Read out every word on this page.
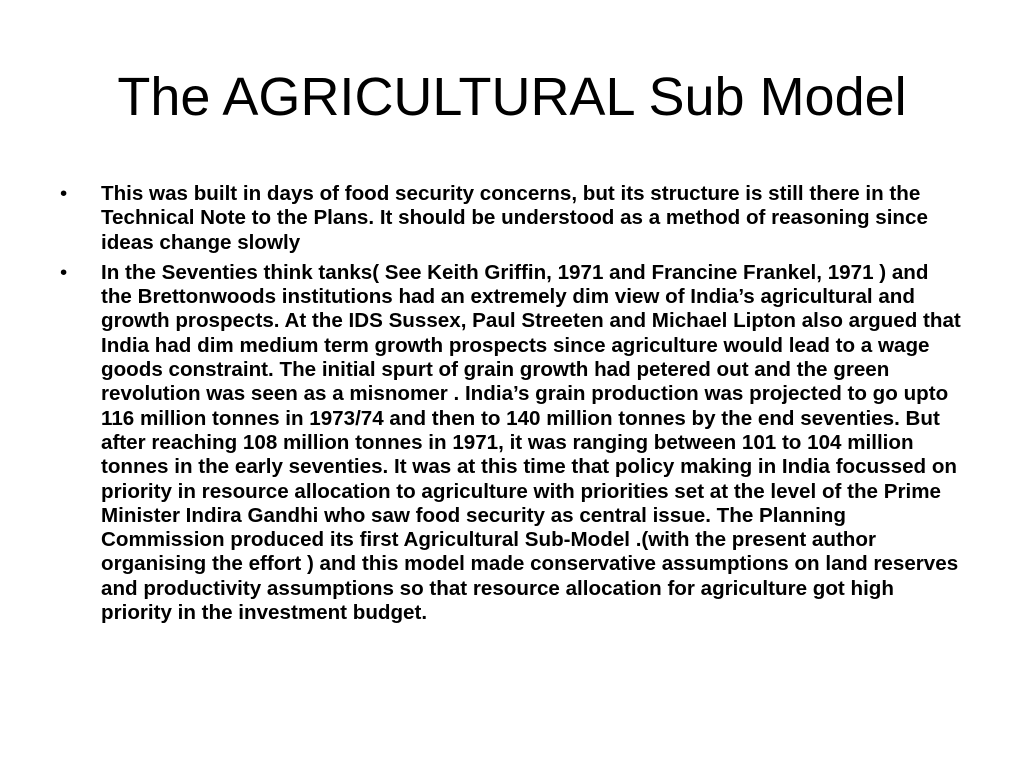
The AGRICULTURAL Sub Model
•	This was built in days of food security concerns, but its structure is still there in the Technical Note to the Plans. It should be understood as a method of reasoning since ideas change slowly
•	In the Seventies think tanks( See Keith Griffin, 1971 and Francine Frankel, 1971 ) and the Brettonwoods institutions had an extremely dim view of India’s agricultural and growth prospects. At the IDS Sussex, Paul Streeten and Michael Lipton also argued that India had dim medium term growth prospects since agriculture would lead to a wage goods constraint. The initial spurt of grain growth had petered out and the green revolution was seen as a misnomer . India’s grain production was projected to go upto 116 million tonnes in 1973/74 and then to 140 million tonnes by the end seventies. But after reaching 108 million tonnes in 1971, it was ranging between 101 to 104 million tonnes in the early seventies. It was at this time that policy making in India focussed on priority in resource allocation to agriculture with priorities set at the level of the Prime Minister Indira Gandhi who saw food security as central issue. The Planning Commission produced its first Agricultural Sub-Model .(with the present author organising the effort ) and this model made conservative assumptions on land reserves and productivity assumptions so that resource allocation for agriculture got high priority in the investment budget.
